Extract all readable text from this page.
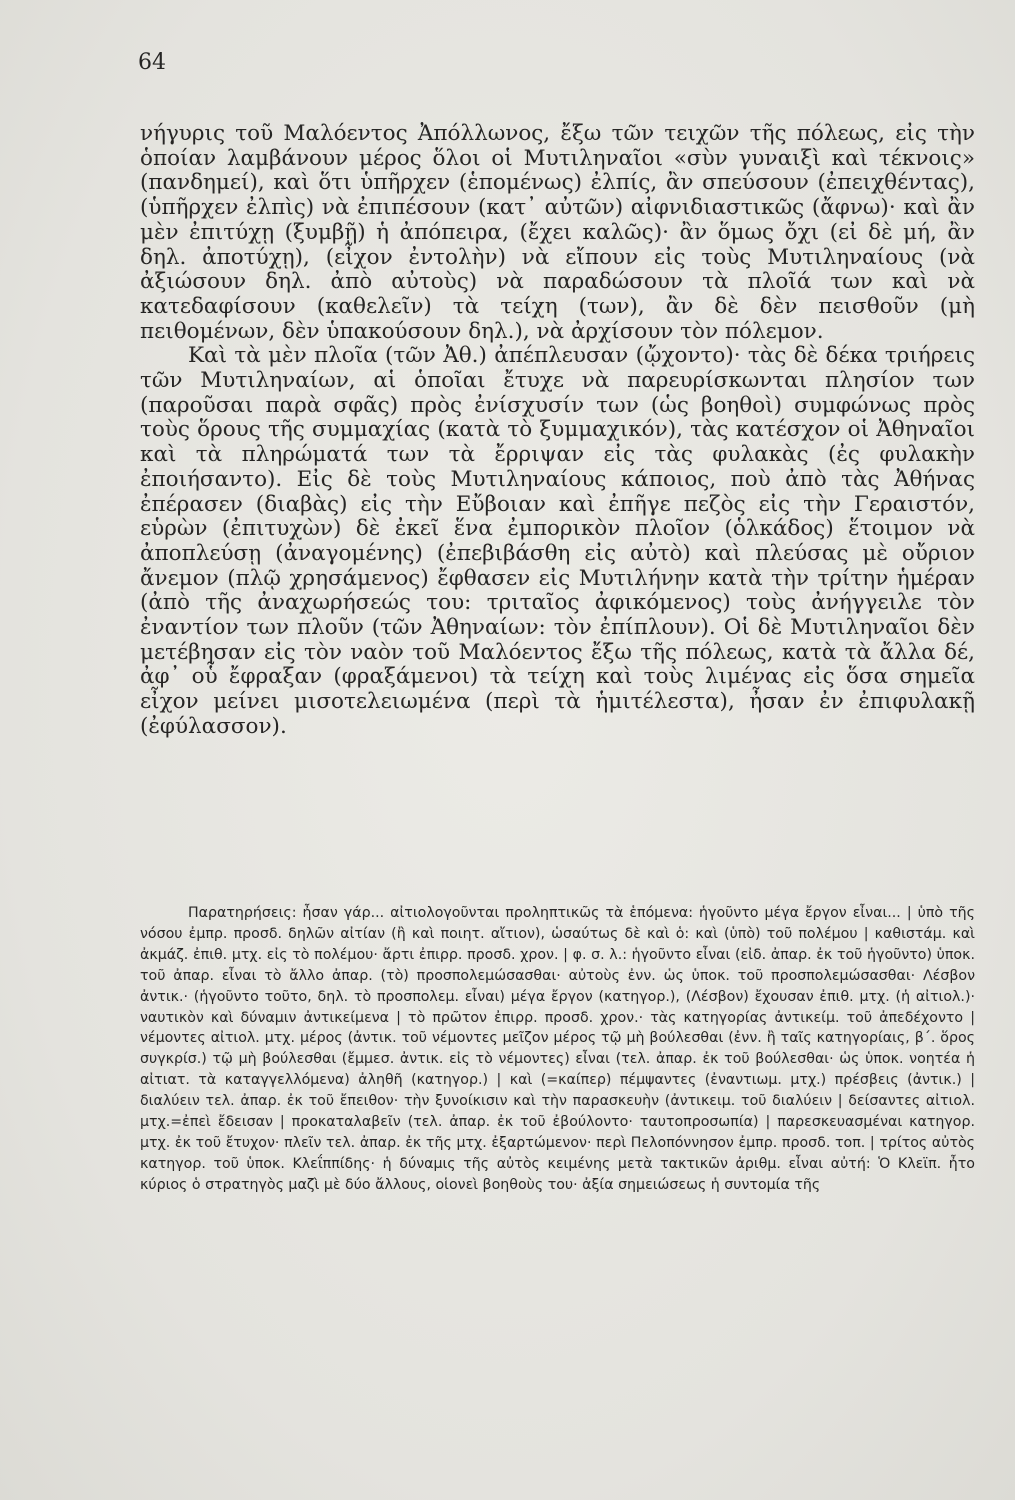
64

νήγυρις τοῦ Μαλόεντος Ἀπόλλωνος, ἔξω τῶν τειχῶν τῆς πόλεως, εἰς τὴν ὁποίαν λαμβάνουν μέρος ὅλοι οἱ Μυτιληναῖοι «σὺν γυναιξὶ καὶ τέκνοις» (πανδημεί), καὶ ὅτι ὑπῆρχεν (ἑπομένως) ἐλπίς, ἂν σπεύσουν (ἐπειχθέντας), (ὑπῆρχεν ἐλπὶς) νὰ ἐπιπέσουν (κατ᾽ αὐτῶν) αἰφνιδιαστικῶς (ἄφνω)· καὶ ἂν μὲν ἐπιτύχῃ (ξυμβῇ) ἡ ἀπόπειρα, (ἔχει καλῶς)· ἂν ὅμως ὄχι (εἰ δὲ μή, ἂν δηλ. ἀποτύχῃ), (εἶχον ἐντολὴν) νὰ εἴπουν εἰς τοὺς Μυτιληναίους (νὰ ἀξιώσουν δηλ. ἀπὸ αὐτοὺς) νὰ παραδώσουν τὰ πλοῖά των καὶ νὰ κατεδαφίσουν (καθελεῖν) τὰ τείχη (των), ἂν δὲ δὲν πεισθοῦν (μὴ πειθομένων, δὲν ὑπακούσουν δηλ.), νὰ ἀρχίσουν τὸν πόλεμον.

Καὶ τὰ μὲν πλοῖα (τῶν Ἀθ.) ἀπέπλευσαν (ᾤχοντο)· τὰς δὲ δέκα τριήρεις τῶν Μυτιληναίων, αἱ ὁποῖαι ἔτυχε νὰ παρευρίσκωνται πλησίον των (παροῦσαι παρὰ σφᾶς) πρὸς ἐνίσχυσίν των (ὡς βοηθοὶ) συμφώνως πρὸς τοὺς ὅρους τῆς συμμαχίας (κατὰ τὸ ξυμμαχικόν), τὰς κατέσχον οἱ Ἀθηναῖοι καὶ τὰ πληρώματά των τὰ ἔρριψαν εἰς τὰς φυλακὰς (ἐς φυλακὴν ἐποιήσαντο). Εἰς δὲ τοὺς Μυτιληναίους κάποιος, ποὺ ἀπὸ τὰς Ἀθήνας ἐπέρασεν (διαβὰς) εἰς τὴν Εὔβοιαν καὶ ἐπῆγε πεζὸς εἰς τὴν Γεραιστόν, εὑρὼν (ἐπιτυχὼν) δὲ ἐκεῖ ἕνα ἐμπορικὸν πλοῖον (ὁλκάδος) ἕτοιμον νὰ ἀποπλεύσῃ (ἀναγομένης) (ἐπεβιβάσθη εἰς αὐτὸ) καὶ πλεύσας μὲ οὔριον ἄνεμον (πλῷ χρησάμενος) ἔφθασεν εἰς Μυτιλήνην κατὰ τὴν τρίτην ἡμέραν (ἀπὸ τῆς ἀναχωρήσεώς του: τριταῖος ἀφικόμενος) τοὺς ἀνήγγειλε τὸν ἐναντίον των πλοῦν (τῶν Ἀθηναίων: τὸν ἐπίπλουν). Οἱ δὲ Μυτιληναῖοι δὲν μετέβησαν εἰς τὸν ναὸν τοῦ Μαλόεντος ἔξω τῆς πόλεως, κατὰ τὰ ἄλλα δέ, ἀφ᾽ οὗ ἔφραξαν (φραξάμενοι) τὰ τείχη καὶ τοὺς λιμένας εἰς ὅσα σημεῖα εἶχον μείνει μισοτελειωμένα (περὶ τὰ ἡμιτέλεστα), ἦσαν ἐν ἐπιφυλακῇ (ἐφύλασσον).

Παρατηρήσεις: ἦσαν γάρ... αἰτιολογοῦνται προληπτικῶς τὰ ἑπόμενα: ἡγοῦντο μέγα ἔργον εἶναι... | ὑπὸ τῆς νόσου ἐμπρ. προσδ. δηλῶν αἰτίαν (ἢ καὶ ποιητ. αἴτιον), ὡσαύτως δὲ καὶ ὁ: καὶ (ὑπὸ) τοῦ πολέμου | καθιστάμ. καὶ ἀκμάζ. ἐπιθ. μτχ. εἰς τὸ πολέμου· ἄρτι ἐπιρρ. προσδ. χρον. | φ. σ. λ.: ἡγοῦντο εἶναι (εἰδ. ἀπαρ. ἐκ τοῦ ἡγοῦντο) ὑποκ. τοῦ ἀπαρ. εἶναι τὸ ἄλλο ἀπαρ. (τὸ) προσπολεμώσασθαι· αὐτοὺς ἐνν. ὡς ὑποκ. τοῦ προσπολεμώσασθαι· Λέσβον ἀντικ.· (ἡγοῦντο τοῦτο, δηλ. τὸ προσπολεμ. εἶναι) μέγα ἔργον (κατηγορ.), (Λέσβον) ἔχουσαν ἐπιθ. μτχ. (ἡ αἰτιολ.)· ναυτικὸν καὶ δύναμιν ἀντικείμενα | τὸ πρῶτον ἐπιρρ. προσδ. χρον.· τὰς κατηγορίας ἀντικείμ. τοῦ ἀπεδέχοντο | νέμοντες αἰτιολ. μτχ. μέρος (ἀντικ. τοῦ νέμοντες μεῖζον μέρος τῷ μὴ βούλεσθαι (ἐνν. ἢ ταῖς κατηγορίαις, β΄. ὅρος συγκρίσ.) τῷ μὴ βούλεσθαι (ἔμμεσ. ἀντικ. εἰς τὸ νέμοντες) εἶναι (τελ. ἀπαρ. ἐκ τοῦ βούλεσθαι· ὡς ὑποκ. νοητέα ἡ αἰτιατ. τὰ καταγγελλόμενα) ἀληθῆ (κατηγορ.) | καὶ (=καίπερ) πέμψαντες (ἐναντιωμ. μτχ.) πρέσβεις (ἀντικ.) | διαλύειν τελ. ἀπαρ. ἐκ τοῦ ἔπειθον· τὴν ξυνοίκισιν καὶ τὴν παρασκευὴν (ἀντικειμ. τοῦ διαλύειν | δείσαντες αἰτιολ. μτχ.=ἐπεὶ ἔδεισαν | προκαταλαβεῖν (τελ. ἀπαρ. ἐκ τοῦ ἐβούλοντο· ταυτοπροσωπία) | παρεσκευασμέναι κατηγορ. μτχ. ἐκ τοῦ ἔτυχον· πλεῖν τελ. ἀπαρ. ἐκ τῆς μτχ. ἐξαρτώμενον· περὶ Πελοπόννησον ἐμπρ. προσδ. τοπ. | τρίτος αὐτὸς κατηγορ. τοῦ ὑποκ. Κλεΐππίδης· ἡ δύναμις τῆς αὐτὸς κειμένης μετὰ τακτικῶν ἀριθμ. εἶναι αὐτή: Ὁ Κλεϊπ. ἦτο κύριος ὁ στρατηγὸς μαζὶ μὲ δύο ἄλλους, οἱονεὶ βοηθοὺς του· ἀξία σημειώσεως ἡ συντομία τῆς
